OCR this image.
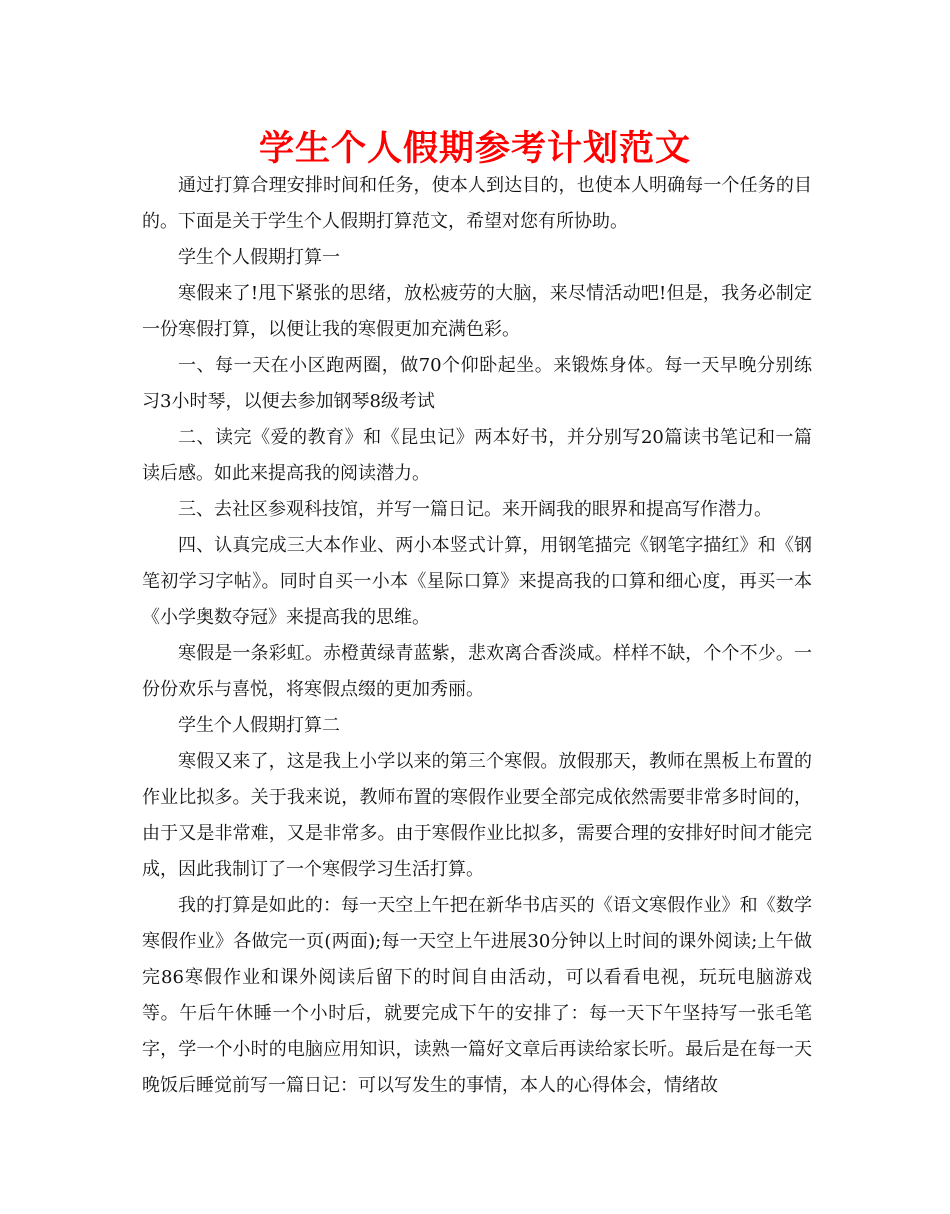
学生个人假期参考计划范文

通过打算合理安排时间和任务，使本人到达目的，也使本人明确每一个任务的目的。下面是关于学生个人假期打算范文，希望对您有所协助。

学生个人假期打算一

寒假来了!甩下紧张的思绪，放松疲劳的大脑，来尽情活动吧!但是，我务必制定一份寒假打算，以便让我的寒假更加充满色彩。

一、每一天在小区跑两圈，做70个仰卧起坐。来锻炼身体。每一天早晚分别练习3小时琴，以便去参加钢琴8级考试

二、读完《爱的教育》和《昆虫记》两本好书，并分别写20篇读书笔记和一篇读后感。如此来提高我的阅读潜力。

三、去社区参观科技馆，并写一篇日记。来开阔我的眼界和提高写作潜力。

四、认真完成三大本作业、两小本竖式计算，用钢笔描完《钢笔字描红》和《钢笔初学习字帖》。同时自买一小本《星际口算》来提高我的口算和细心度，再买一本《小学奥数夺冠》来提高我的思维。

寒假是一条彩虹。赤橙黄绿青蓝紫，悲欢离合香淡咸。样样不缺，个个不少。一份份欢乐与喜悦，将寒假点缀的更加秀丽。

学生个人假期打算二

寒假又来了，这是我上小学以来的第三个寒假。放假那天，教师在黑板上布置的作业比拟多。关于我来说，教师布置的寒假作业要全部完成依然需要非常多时间的，由于又是非常难，又是非常多。由于寒假作业比拟多，需要合理的安排好时间才能完成，因此我制订了一个寒假学习生活打算。

我的打算是如此的：每一天空上午把在新华书店买的《语文寒假作业》和《数学寒假作业》各做完一页(两面);每一天空上午进展30分钟以上时间的课外阅读;上午做完86寒假作业和课外阅读后留下的时间自由活动，可以看看电视，玩玩电脑游戏等。午后午休睡一个小时后，就要完成下午的安排了：每一天下午坚持写一张毛笔字，学一个小时的电脑应用知识，读熟一篇好文章后再读给家长听。最后是在每一天晚饭后睡觉前写一篇日记：可以写发生的事情，本人的心得体会，情绪故
